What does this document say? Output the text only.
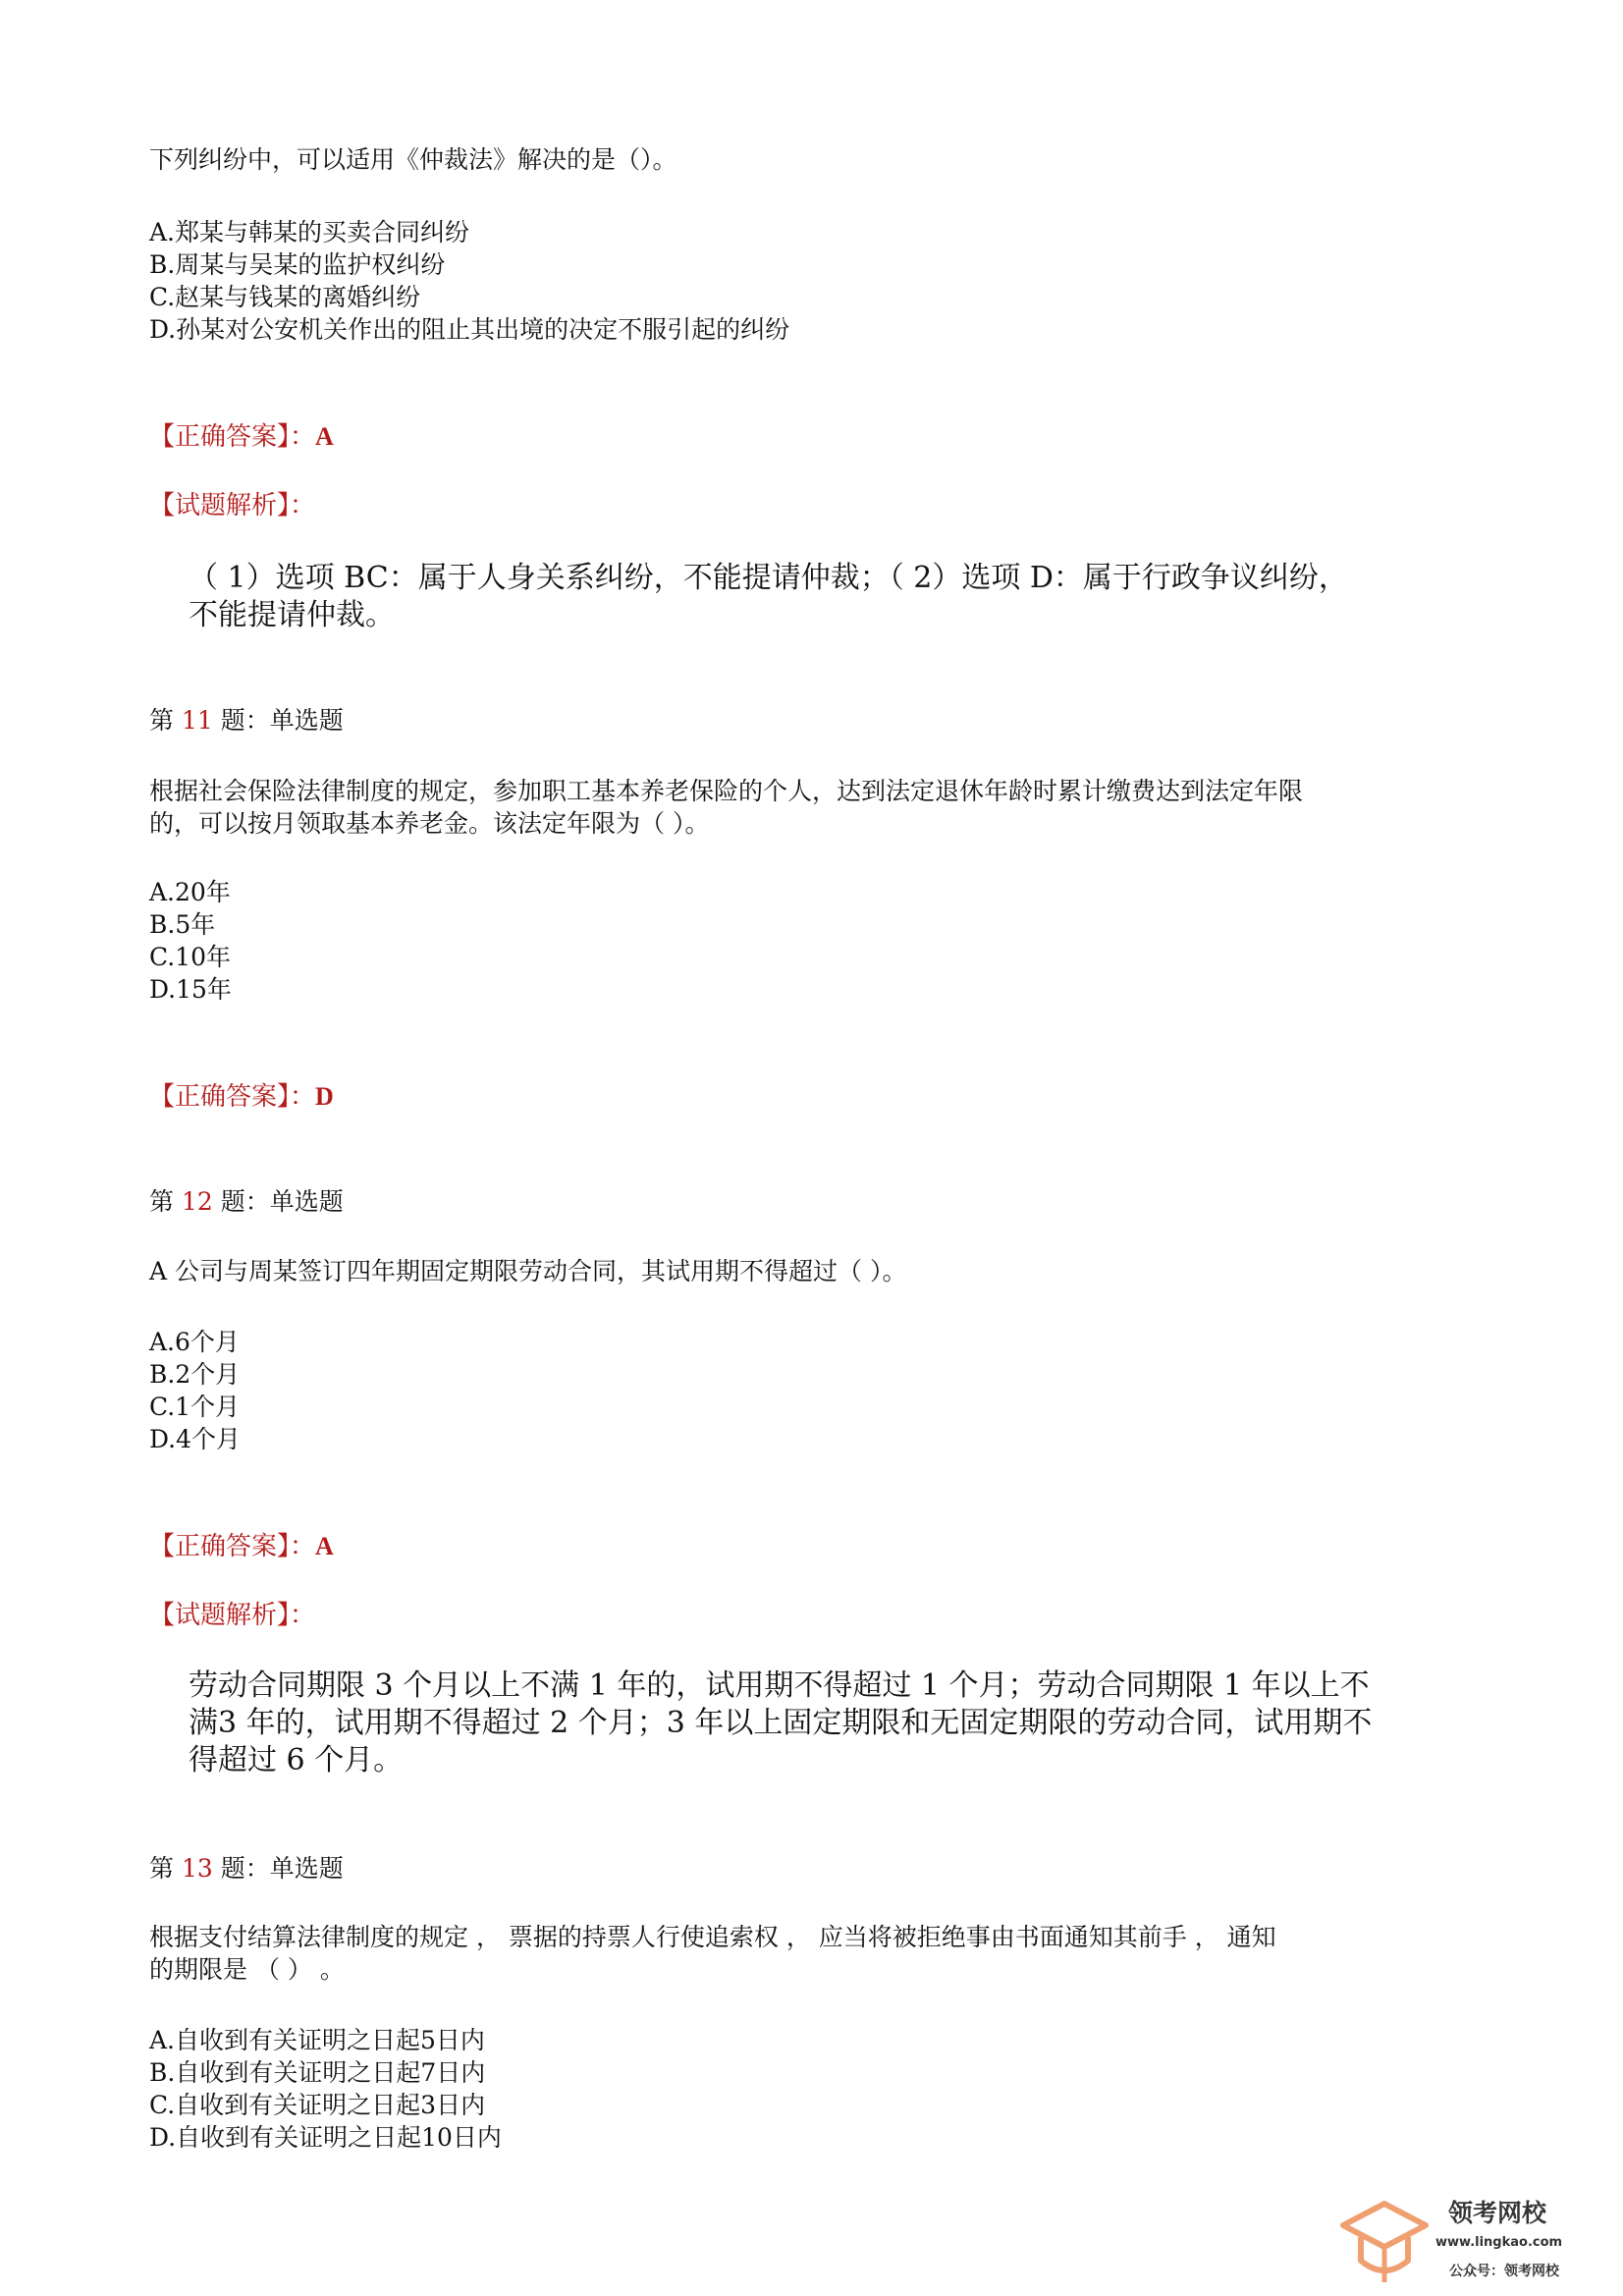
下列纠纷中，可以适用《仲裁法》解决的是（）。

A.郑某与韩某的买卖合同纠纷
B.周某与吴某的监护权纠纷
C.赵某与钱某的离婚纠纷
D.孙某对公安机关作出的阻止其出境的决定不服引起的纠纷
【正确答案】：A
【试题解析】：
（ 1）选项 BC：属于人身关系纠纷，不能提请仲裁；（ 2）选项 D：属于行政争议纠纷，
不能提请仲裁。
第 11 题：单选题
根据社会保险法律制度的规定，参加职工基本养老保险的个人，达到法定退休年龄时累计缴费达到法定年限
的，可以按月领取基本养老金。该法定年限为（ ）。
A.20年
B.5年
C.10年
D.15年
【正确答案】：D
第 12 题：单选题

A 公司与周某签订四年期固定期限劳动合同，其试用期不得超过（ ）。

A.6个月
B.2个月
C.1个月
D.4个月
【正确答案】：A
【试题解析】：
劳动合同期限 3 个月以上不满 1 年的，试用期不得超过 1 个月；劳动合同期限 1 年以上不
满3 年的，试用期不得超过 2 个月；3 年以上固定期限和无固定期限的劳动合同，试用期不
得超过 6 个月。
第 13 题：单选题
根据支付结算法律制度的规定 ， 票据的持票人行使追索权 ， 应当将被拒绝事由书面通知其前手 ， 通知
的期限是 （ ） 。
A.自收到有关证明之日起5日内
B.自收到有关证明之日起7日内
C.自收到有关证明之日起3日内
D.自收到有关证明之日起10日内
领考网校
www.lingkao.com
公众号：领考网校
